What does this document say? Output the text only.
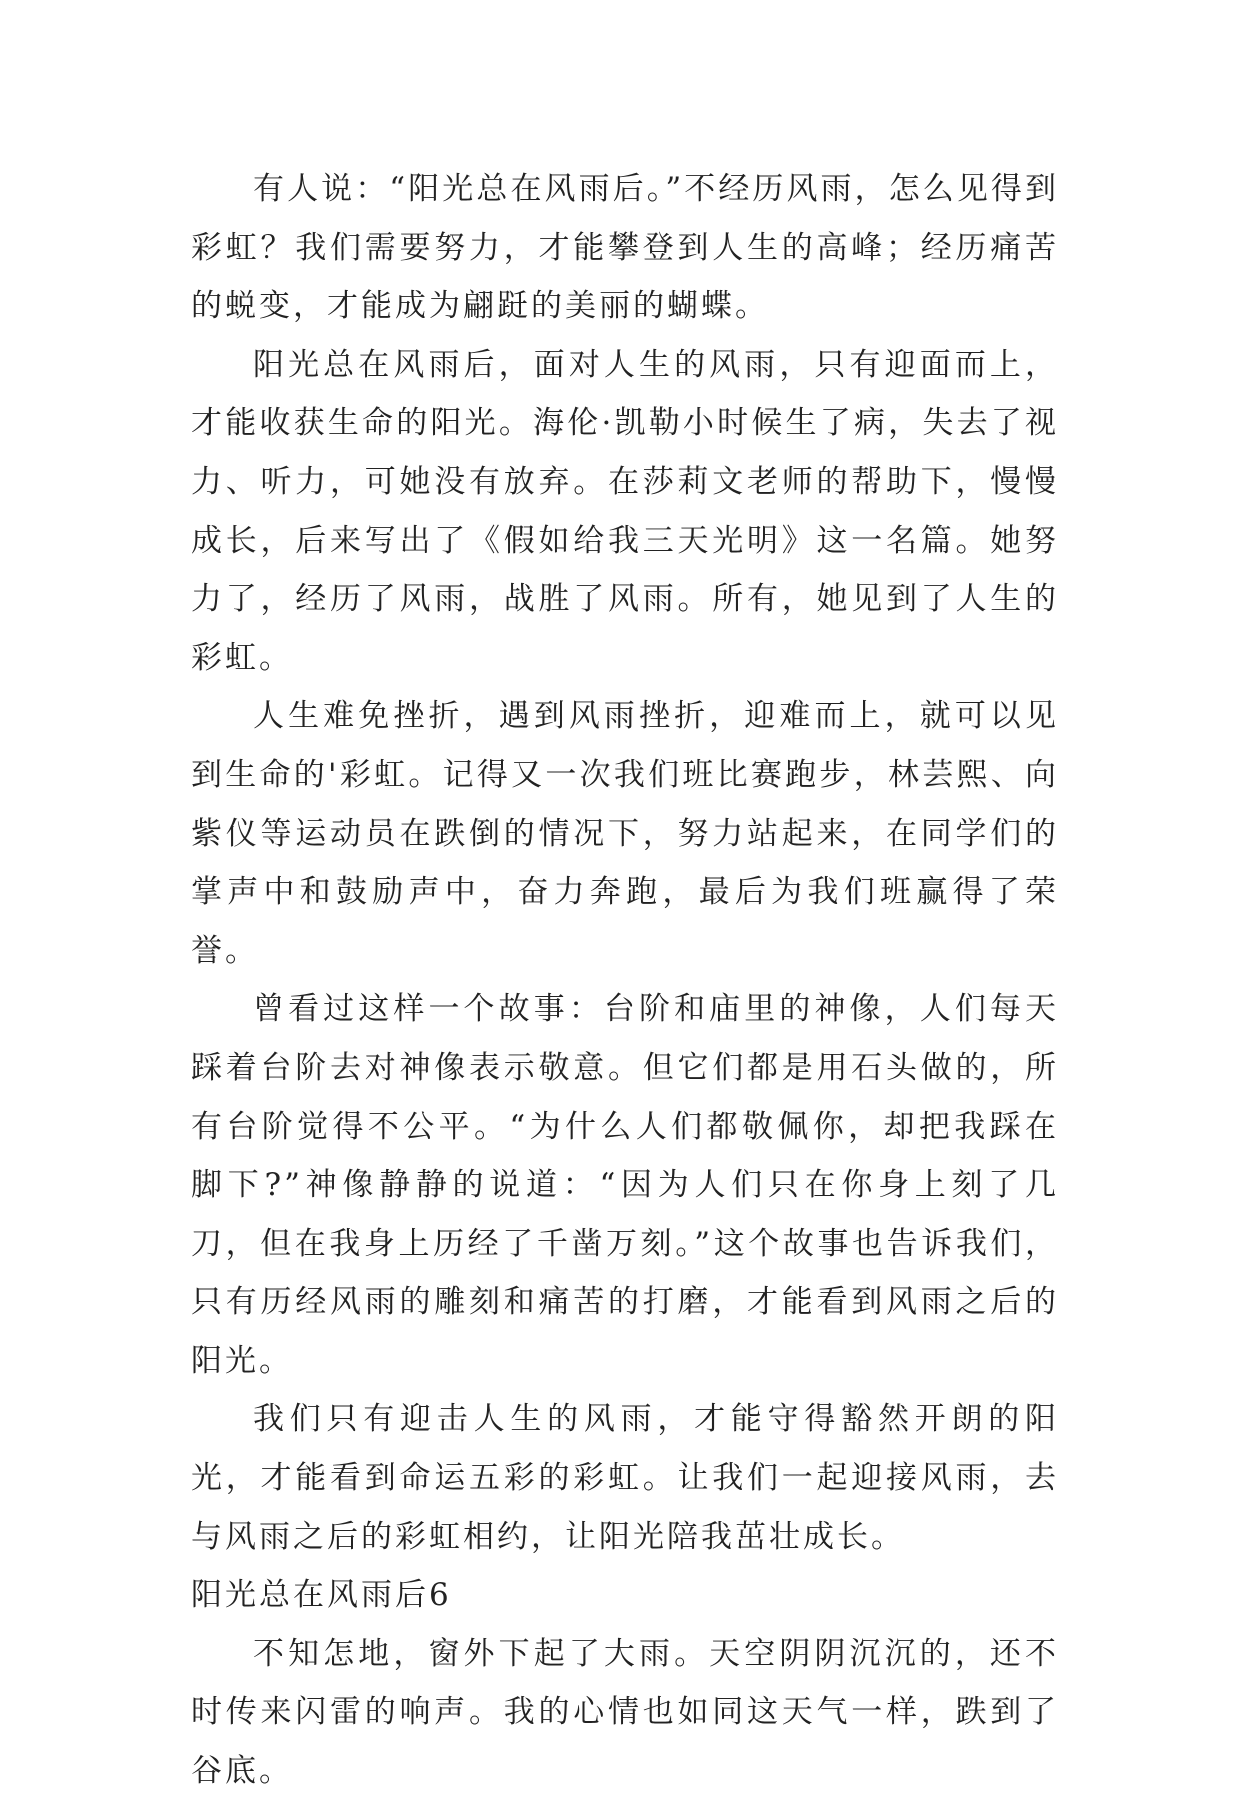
有人说：“阳光总在风雨后。”不经历风雨，怎么见得到彩虹？我们需要努力，才能攀登到人生的高峰；经历痛苦的蜕变，才能成为翩跹的美丽的蝴蝶。

阳光总在风雨后，面对人生的风雨，只有迎面而上，才能收获生命的阳光。海伦·凯勒小时候生了病，失去了视力、听力，可她没有放弃。在莎莉文老师的帮助下，慢慢成长，后来写出了《假如给我三天光明》这一名篇。她努力了，经历了风雨，战胜了风雨。所有，她见到了人生的彩虹。

人生难免挫折，遇到风雨挫折，迎难而上，就可以见到生命的'彩虹。记得又一次我们班比赛跑步，林芸熙、向紫仪等运动员在跌倒的情况下，努力站起来，在同学们的掌声中和鼓励声中，奋力奔跑，最后为我们班赢得了荣誉。

曾看过这样一个故事：台阶和庙里的神像，人们每天踩着台阶去对神像表示敬意。但它们都是用石头做的，所有台阶觉得不公平。“为什么人们都敬佩你，却把我踩在脚下?”神像静静的说道：“因为人们只在你身上刻了几刀，但在我身上历经了千凿万刻。”这个故事也告诉我们，只有历经风雨的雕刻和痛苦的打磨，才能看到风雨之后的阳光。

我们只有迎击人生的风雨，才能守得豁然开朗的阳光，才能看到命运五彩的彩虹。让我们一起迎接风雨，去与风雨之后的彩虹相约，让阳光陪我茁壮成长。

阳光总在风雨后6

不知怎地，窗外下起了大雨。天空阴阴沉沉的，还不时传来闪雷的响声。我的心情也如同这天气一样，跌到了谷底。
